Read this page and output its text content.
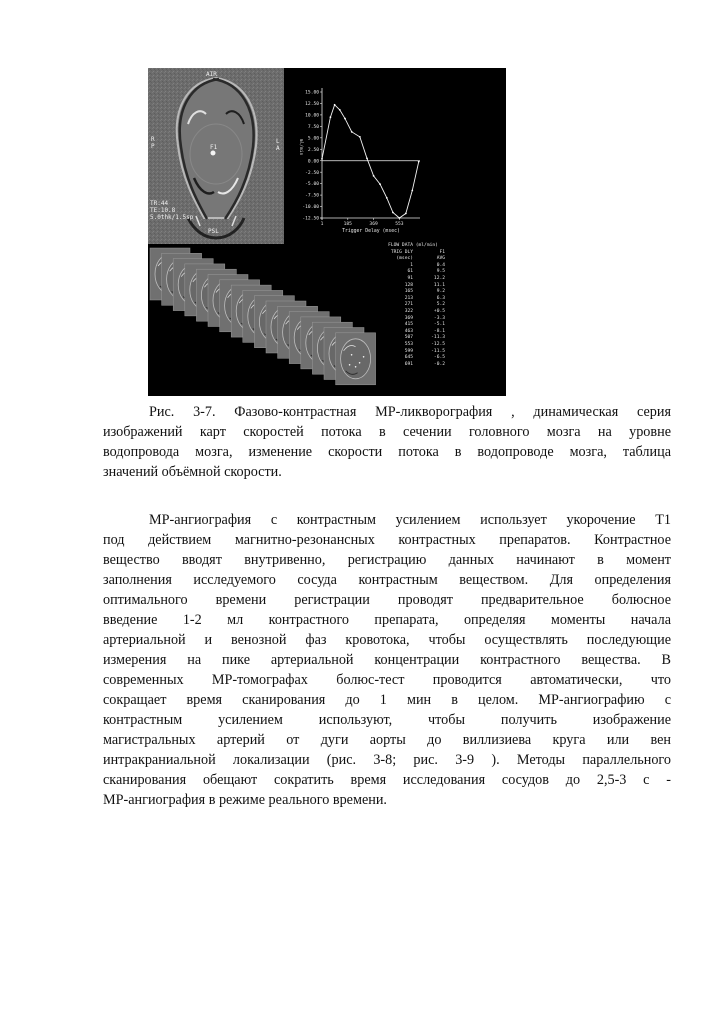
AIR
R
P
L
A
F1
TR:44
TE:10.8
5.0thk/1.5sp
PSL
15.00
12.50
10.00
7.50
5.00
2.50
0.00
-2.50
-5.00
-7.50
-10.00
-12.50
1	185	369	553
Trigger Delay (msec)
ml/min
FLOW DATA (ml/min)
TRIG DLY	F1
(msec)	AVG
1	0.4
61	9.5
91	12.2
128	11.1
165	9.2
213	6.3
271	5.2
322	+0.5
369	-3.3
415	-5.1
463	-8.1
507	-11.3
553	-12.5
599	-11.5
645	-6.5
691	-0.2

Рис. 3-7. Фазово-контрастная МР-ликворография , динамическая серия
изображений карт скоростей потока в сечении головного мозга на уровне
водопровода мозга, изменение скорости потока в водопроводе мозга, таблица
значений объёмной скорости.

МР-ангиография с контрастным усилением использует укорочение Т1
под действием магнитно-резонансных контрастных препаратов. Контрастное
вещество вводят внутривенно, регистрацию данных начинают в момент
заполнения исследуемого сосуда контрастным веществом. Для определения
оптимального времени регистрации проводят предварительное болюсное
введение 1-2 мл контрастного препарата, определяя моменты начала
артериальной и венозной фаз кровотока, чтобы осуществлять последующие
измерения на пике артериальной концентрации контрастного вещества. В
современных МР-томографах болюс-тест проводится автоматически, что
сокращает время сканирования до 1 мин в целом. МР-ангиографию с
контрастным усилением используют, чтобы получить изображение
магистральных артерий от дуги аорты до виллизиева круга или вен
интракраниальной локализации (рис. 3-8; рис. 3-9 ). Методы параллельного
сканирования обещают сократить время исследования сосудов до 2,5-3 с -
МР-ангиография в режиме реального времени.
